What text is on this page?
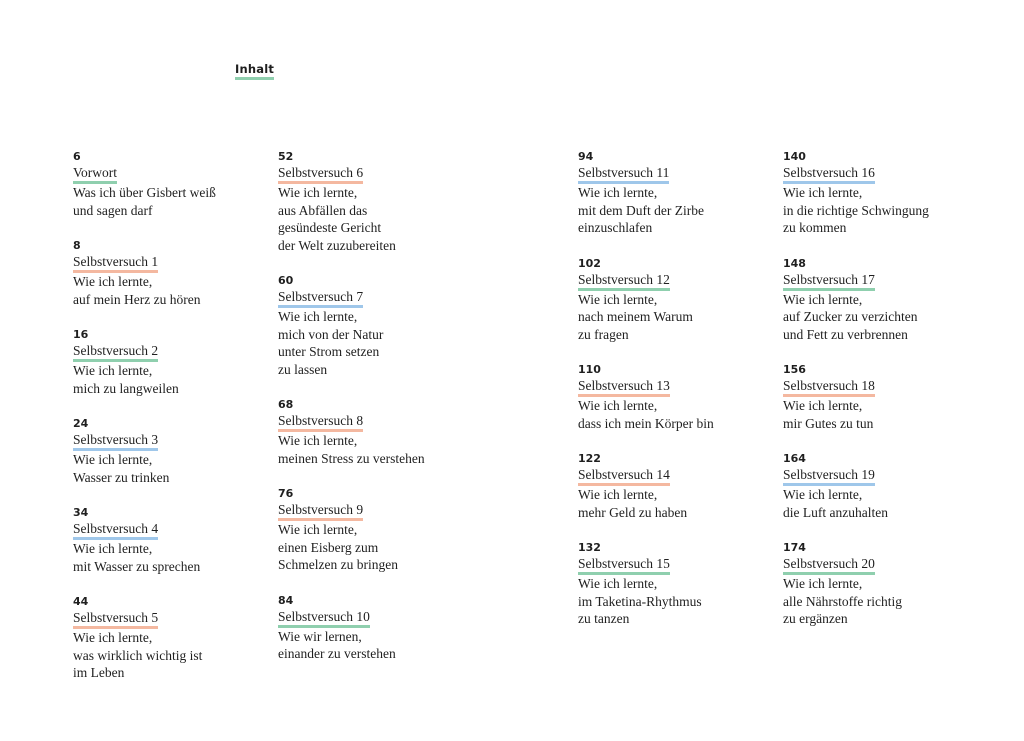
Inhalt
6
Vorwort
Was ich über Gisbert weiß
und sagen darf
8
Selbstversuch 1
Wie ich lernte,
auf mein Herz zu hören
16
Selbstversuch 2
Wie ich lernte,
mich zu langweilen
24
Selbstversuch 3
Wie ich lernte,
Wasser zu trinken
34
Selbstversuch 4
Wie ich lernte,
mit Wasser zu sprechen
44
Selbstversuch 5
Wie ich lernte,
was wirklich wichtig ist
im Leben
52
Selbstversuch 6
Wie ich lernte,
aus Abfällen das
gesündeste Gericht
der Welt zuzubereiten
60
Selbstversuch 7
Wie ich lernte,
mich von der Natur
unter Strom setzen
zu lassen
68
Selbstversuch 8
Wie ich lernte,
meinen Stress zu verstehen
76
Selbstversuch 9
Wie ich lernte,
einen Eisberg zum
Schmelzen zu bringen
84
Selbstversuch 10
Wie wir lernen,
einander zu verstehen
94
Selbstversuch 11
Wie ich lernte,
mit dem Duft der Zirbe
einzuschlafen
102
Selbstversuch 12
Wie ich lernte,
nach meinem Warum
zu fragen
110
Selbstversuch 13
Wie ich lernte,
dass ich mein Körper bin
122
Selbstversuch 14
Wie ich lernte,
mehr Geld zu haben
132
Selbstversuch 15
Wie ich lernte,
im Taketina-Rhythmus
zu tanzen
140
Selbstversuch 16
Wie ich lernte,
in die richtige Schwingung
zu kommen
148
Selbstversuch 17
Wie ich lernte,
auf Zucker zu verzichten
und Fett zu verbrennen
156
Selbstversuch 18
Wie ich lernte,
mir Gutes zu tun
164
Selbstversuch 19
Wie ich lernte,
die Luft anzuhalten
174
Selbstversuch 20
Wie ich lernte,
alle Nährstoffe richtig
zu ergänzen
